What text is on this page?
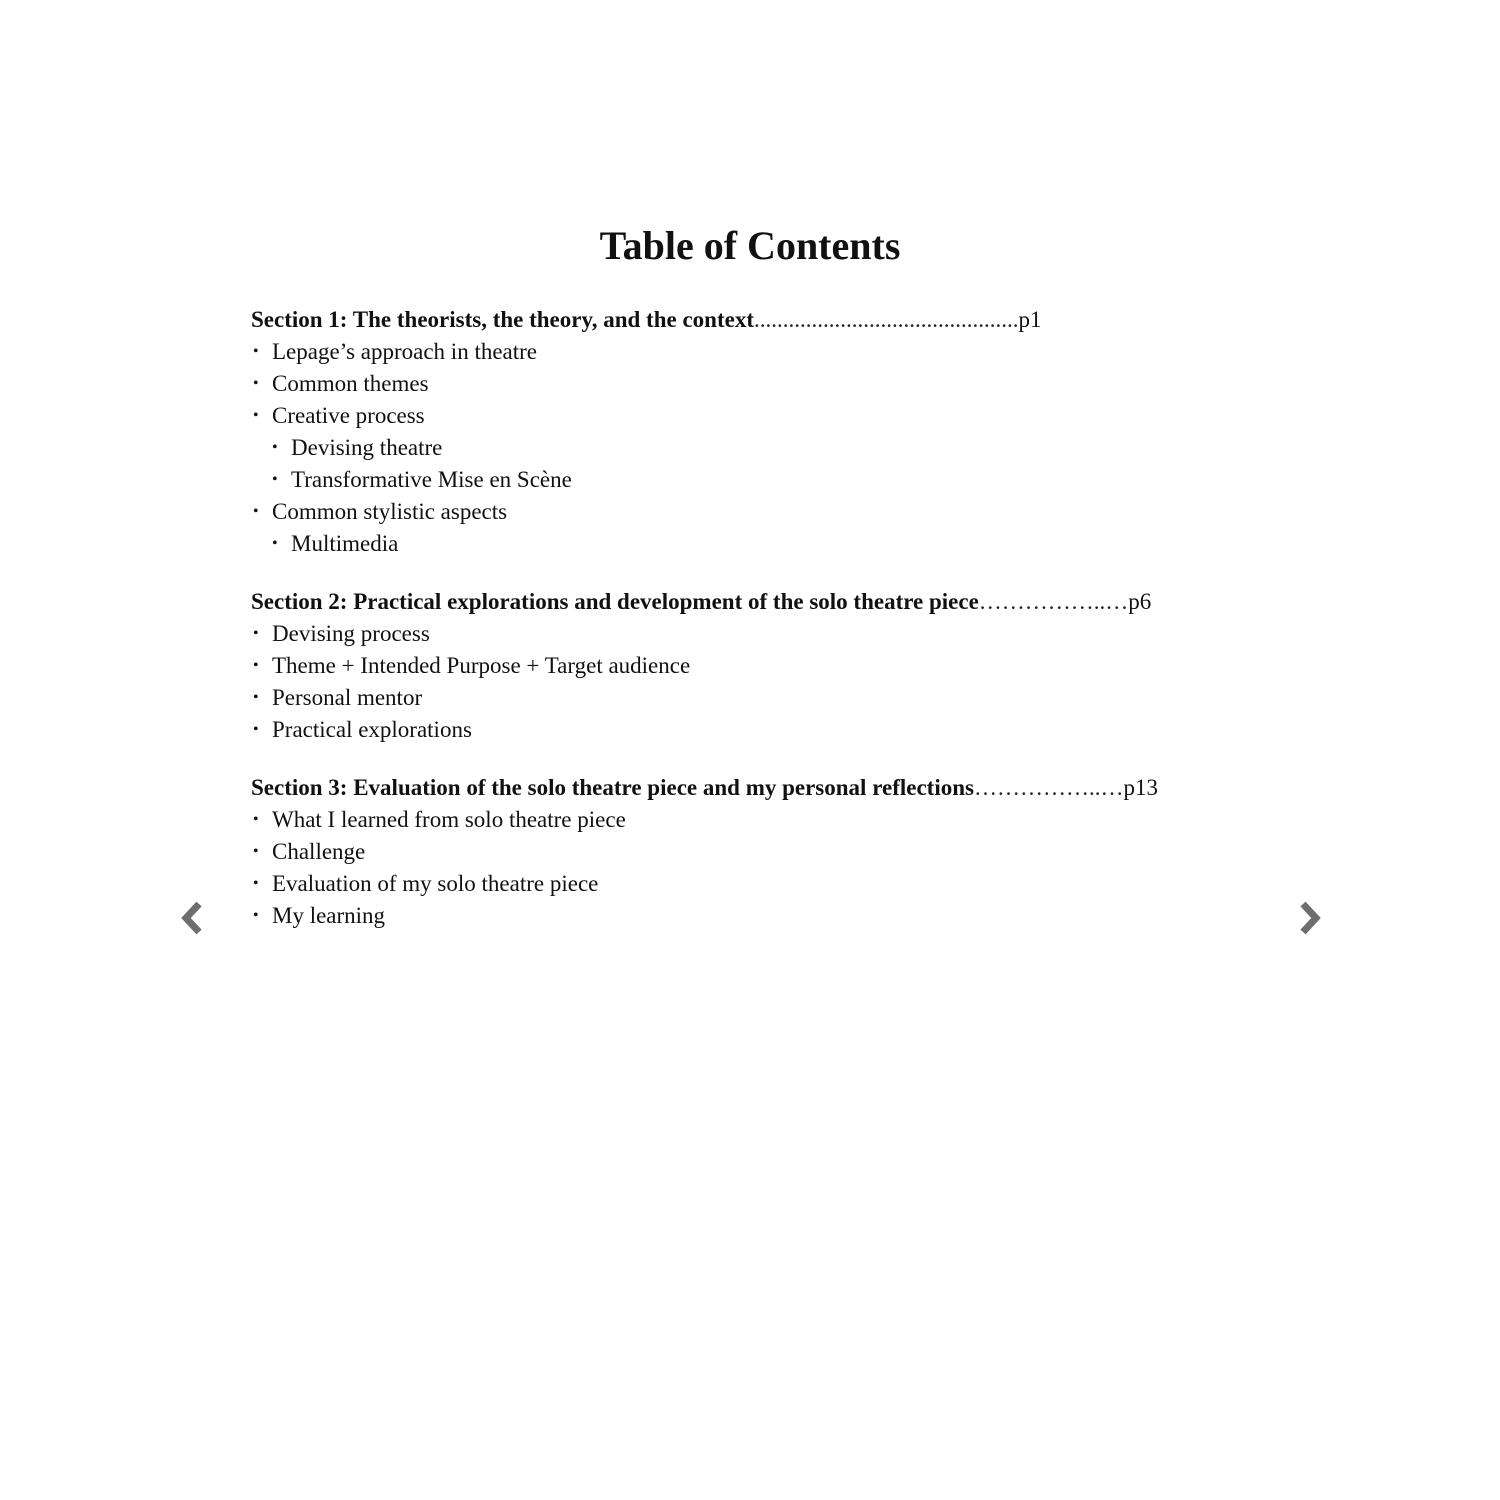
Table of Contents
Section 1: The theorists, the theory, and the context .............................................. p1
• Lepage’s approach in theatre
• Common themes
• Creative process
• Devising theatre
• Transformative Mise en Scène
• Common stylistic aspects
• Multimedia
Section 2: Practical explorations and development of the solo theatre piece ……………..… p6
• Devising process
• Theme + Intended Purpose + Target audience
• Personal mentor
• Practical explorations
Section 3: Evaluation of the solo theatre piece and my personal reflections ……………..… p13
• What I learned from solo theatre piece
• Challenge
• Evaluation of my solo theatre piece
• My learning
